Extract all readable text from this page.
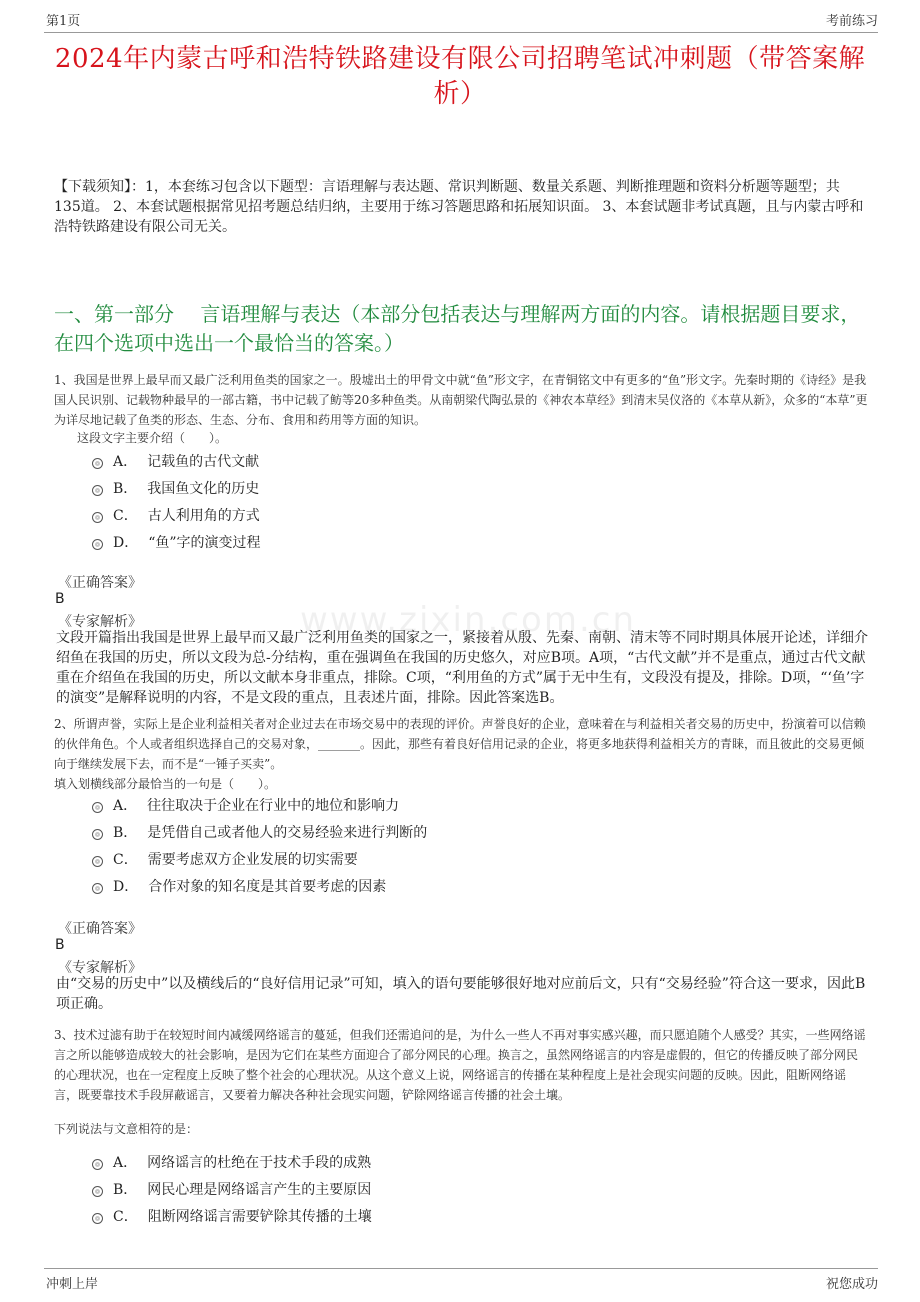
第1页	考前练习
2024年内蒙古呼和浩特铁路建设有限公司招聘笔试冲刺题（带答案解析）
【下载须知】：1，本套练习包含以下题型：言语理解与表达题、常识判断题、数量关系题、判断推理题和资料分析题等题型；共135道。 2、本套试题根据常见招考题总结归纳，主要用于练习答题思路和拓展知识面。 3、本套试题非考试真题，且与内蒙古呼和浩特铁路建设有限公司无关。
一、第一部分　 言语理解与表达（本部分包括表达与理解两方面的内容。请根据题目要求，在四个选项中选出一个最恰当的答案。）
www.zixin.com.cn
1、我国是世界上最早而又最广泛利用鱼类的国家之一。殷墟出土的甲骨文中就“鱼”形文字，在青铜铭文中有更多的“鱼”形文字。先秦时期的《诗经》是我国人民识别、记载物种最早的一部古籍，书中记载了鲂等20多种鱼类。从南朝梁代陶弘景的《神农本草经》到清末吴仪洛的《本草从新》，众多的“本草”更为详尽地记载了鱼类的形态、生态、分布、食用和药用等方面的知识。
这段文字主要介绍（　　）。
A． 记载鱼的古代文献
B． 我国鱼文化的历史
C． 古人利用角的方式
D． “鱼”字的演变过程
《正确答案》
B
《专家解析》
文段开篇指出我国是世界上最早而又最广泛利用鱼类的国家之一，紧接着从殷、先秦、南朝、清末等不同时期具体展开论述，详细介绍鱼在我国的历史，所以文段为总-分结构，重在强调鱼在我国的历史悠久，对应B项。A项，“古代文献”并不是重点，通过古代文献重在介绍鱼在我国的历史，所以文献本身非重点，排除。C项，“利用鱼的方式”属于无中生有，文段没有提及，排除。D项，“‘鱼’字的演变”是解释说明的内容，不是文段的重点，且表述片面，排除。因此答案选B。
2、所谓声誉，实际上是企业利益相关者对企业过去在市场交易中的表现的评价。声誉良好的企业，意味着在与利益相关者交易的历史中，扮演着可以信赖的伙伴角色。个人或者组织选择自己的交易对象，_______。因此，那些有着良好信用记录的企业，将更多地获得利益相关方的青睐，而且彼此的交易更倾向于继续发展下去，而不是“一锤子买卖”。
填入划横线部分最恰当的一句是（　　）。
A． 往往取决于企业在行业中的地位和影响力
B． 是凭借自己或者他人的交易经验来进行判断的
C． 需要考虑双方企业发展的切实需要
D． 合作对象的知名度是其首要考虑的因素
《正确答案》
B
《专家解析》
由“交易的历史中”以及横线后的“良好信用记录”可知，填入的语句要能够很好地对应前后文，只有“交易经验”符合这一要求，因此B项正确。
3、技术过滤有助于在较短时间内减缓网络谣言的蔓延，但我们还需追问的是，为什么一些人不再对事实感兴趣，而只愿追随个人感受？其实，一些网络谣言之所以能够造成较大的社会影响，是因为它们在某些方面迎合了部分网民的心理。换言之，虽然网络谣言的内容是虚假的，但它的传播反映了部分网民的心理状况，也在一定程度上反映了整个社会的心理状况。从这个意义上说，网络谣言的传播在某种程度上是社会现实问题的反映。因此，阻断网络谣言，既要靠技术手段屏蔽谣言，又要着力解决各种社会现实问题，铲除网络谣言传播的社会土壤。
下列说法与文意相符的是：
A． 网络谣言的杜绝在于技术手段的成熟
B． 网民心理是网络谣言产生的主要原因
C． 阻断网络谣言需要铲除其传播的土壤
冲刺上岸	祝您成功
